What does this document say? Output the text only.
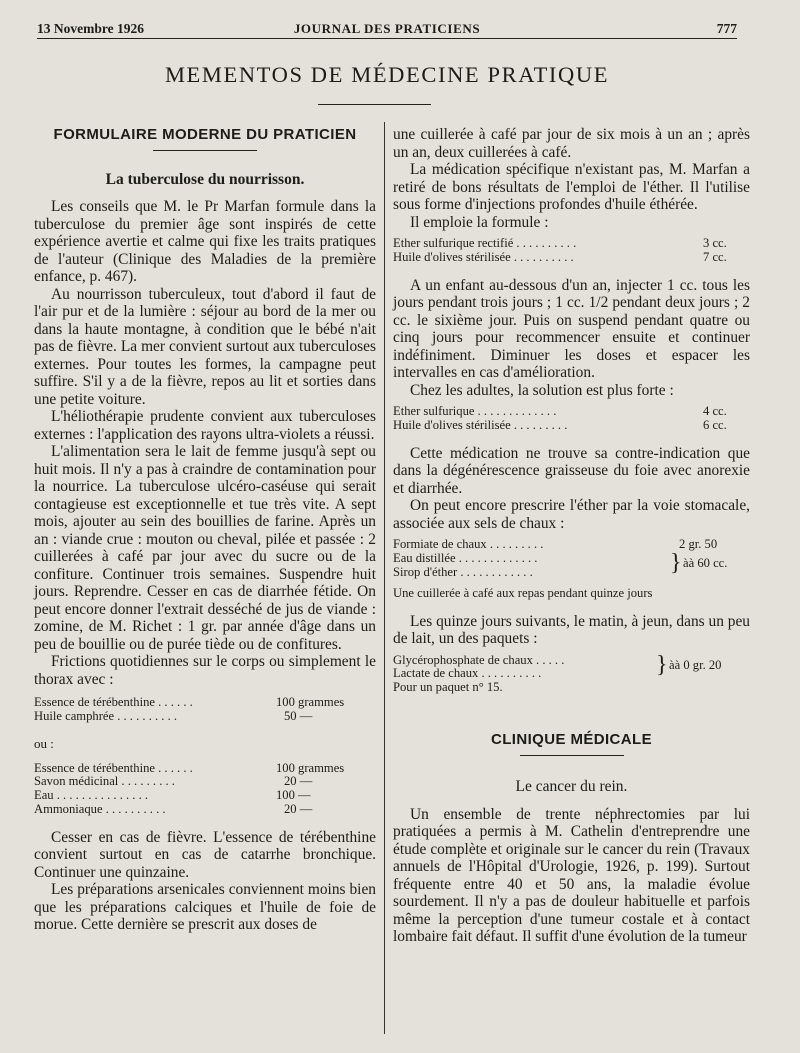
13 Novembre 1926	JOURNAL DES PRATICIENS	777
MEMENTOS DE MÉDECINE PRATIQUE
FORMULAIRE MODERNE DU PRATICIEN
La tuberculose du nourrisson.

Les conseils que M. le Pr Marfan formule dans la tuberculose du premier âge sont inspirés de cette expérience avertie et calme qui fixe les traits pratiques de l'auteur (Clinique des Maladies de la première enfance, p. 467).

Au nourrisson tuberculeux, tout d'abord il faut de l'air pur et de la lumière : séjour au bord de la mer ou dans la haute montagne, à condition que le bébé n'ait pas de fièvre. La mer convient surtout aux tuberculoses externes. Pour toutes les formes, la campagne peut suffire. S'il y a de la fièvre, repos au lit et sorties dans une petite voiture.

L'héliothérapie prudente convient aux tuberculoses externes : l'application des rayons ultra-violets a réussi.

L'alimentation sera le lait de femme jusqu'à sept ou huit mois. Il n'y a pas à craindre de contamination pour la nourrice. La tuberculose ulcéro-caséuse qui serait contagieuse est exceptionnelle et tue très vite. A sept mois, ajouter au sein des bouillies de farine. Après un an : viande crue : mouton ou cheval, pilée et passée : 2 cuillerées à café par jour avec du sucre ou de la confiture. Continuer trois semaines. Suspendre huit jours. Reprendre. Cesser en cas de diarrhée fétide. On peut encore donner l'extrait desséché de jus de viande : zomine, de M. Richet : 1 gr. par année d'âge dans un peu de bouillie ou de purée tiède ou de confitures.

Frictions quotidiennes sur le corps ou simplement le thorax avec :

Essence de térébenthine . . . . . .	100 grammes
Huile camphrée . . . . . . . . . .	50 —
ou :
Essence de térébenthine . . . . . .	100 grammes
Savon médicinal . . . . . . . . .	20 —
Eau . . . . . . . . . . . . . . .	100 —
Ammoniaque . . . . . . . . . .	20 —

Cesser en cas de fièvre. L'essence de térébenthine convient surtout en cas de catarrhe bronchique. Continuer une quinzaine.

Les préparations arsenicales conviennent moins bien que les préparations calciques et l'huile de foie de morue. Cette dernière se prescrit aux doses de

une cuillerée à café par jour de six mois à un an ; après un an, deux cuillerées à café.

La médication spécifique n'existant pas, M. Marfan a retiré de bons résultats de l'emploi de l'éther. Il l'utilise sous forme d'injections profondes d'huile éthérée.

Il emploie la formule :

Ether sulfurique rectifié . . . . . . . . . .	3 cc.
Huile d'olives stérilisée . . . . . . . . . .	7 cc.

A un enfant au-dessous d'un an, injecter 1 cc. tous les jours pendant trois jours ; 1 cc. 1/2 pendant deux jours ; 2 cc. le sixième jour. Puis on suspend pendant quatre ou cinq jours pour recommencer ensuite et continuer indéfiniment. Diminuer les doses et espacer les intervalles en cas d'amélioration.

Chez les adultes, la solution est plus forte :

Ether sulfurique . . . . . . . . . . . . .	4 cc.
Huile d'olives stérilisée . . . . . . . . .	6 cc.

Cette médication ne trouve sa contre-indication que dans la dégénérescence graisseuse du foie avec anorexie et diarrhée.

On peut encore prescrire l'éther par la voie stomacale, associée aux sels de chaux :

Formiate de chaux . . . . . . . . .	2 gr. 50
Eau distillée . . . . . . . . . . . . .
Sirop d'éther . . . . . . . . . . . .	} àà 60 cc.

Une cuillerée à café aux repas pendant quinze jours

Les quinze jours suivants, le matin, à jeun, dans un peu de lait, un des paquets :

Glycérophosphate de chaux . . . . .
Lactate de chaux . . . . . . . . . .
Pour un paquet n° 15.
} àà 0 gr. 20
CLINIQUE MÉDICALE
Le cancer du rein.

Un ensemble de trente néphrectomies par lui pratiquées a permis à M. Cathelin d'entreprendre une étude complète et originale sur le cancer du rein (Travaux annuels de l'Hôpital d'Urologie, 1926, p. 199). Surtout fréquente entre 40 et 50 ans, la maladie évolue sourdement. Il n'y a pas de douleur habituelle et parfois même la perception d'une tumeur costale et à contact lombaire fait défaut. Il suffit d'une évolution de la tumeur
